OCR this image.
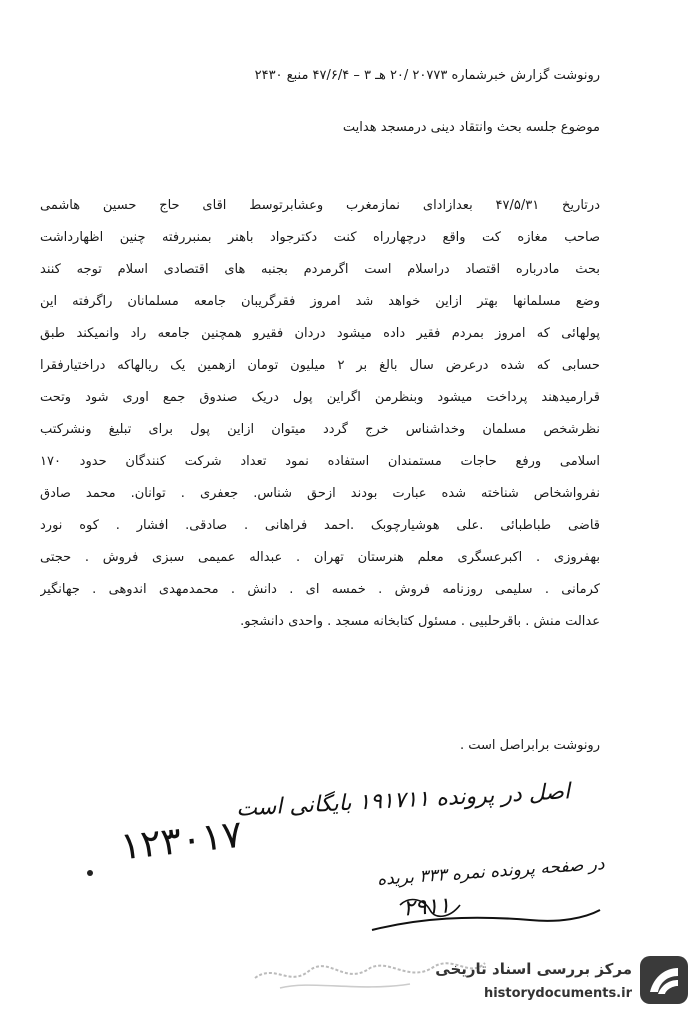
رونوشت گزارش خبرشماره ۲۰۷۷۳ /۲۰ هـ ۳ – ۴۷/۶/۴ منبع ۲۴۳۰
موضوع جلسه بحث وانتقاد دینی درمسجد هدایت
درتاریخ ۴۷/۵/۳۱ بعدازادای نمازمغرب وعشابرتوسط اقای حاج حسین هاشمی
صاحب مغازه کت واقع درچهارراه کنت دکترجواد باهنر بمنبررفته چنین اظهارداشت
بحث مادرباره اقتصاد دراسلام است اگرمردم بجنبه های اقتصادی اسلام توجه کنند
وضع مسلمانها بهتر ازاین خواهد شد امروز فقرگریبان جامعه مسلمانان راگرفته این
پولهائی که امروز بمردم فقیر داده میشود دردان فقیرو همچنین جامعه راد وانمیکند طبق
حسابی که شده درعرض سال بالغ بر ۲ میلیون تومان ازهمین یک ریالهاکه دراختیارفقرا
قرارمیدهند پرداخت میشود وبنظرمن اگراین پول دریک صندوق جمع اوری شود وتحت
نظرشخص مسلمان وخداشناس خرج گردد میتوان ازاین پول برای تبلیغ ونشرکتب
اسلامی ورفع حاجات مستمندان استفاده نمود تعداد شرکت کنندگان حدود ۱۷۰
نفرواشخاص شناخته شده عبارت بودند ازحق شناس. جعفری . توانان. محمد صادق
قاضی طباطبائی .علی هوشیارچوبک .احمد فراهانی . صادقی. افشار . کوه نورد
بهفروزی . اکبرعسگری معلم هنرستان تهران . عبداله عمیمی سبزی فروش . حجتی
کرمانی . سلیمی روزنامه فروش . خمسه ای . دانش . محمدمهدی اندوهی . جهانگیر
عدالت منش . باقرحلبیی . مسئول کتابخانه مسجد . واحدی دانشجو.
رونوشت برابراصل است .
اصل در پرونده ۱۹۱۷۱۱ بایگانی است
۱۲۳۰۱۷
در صفحه پرونده نمره ۳۳۳ بریده
۲۹۱۱
مرکز بررسی اسناد تاریخی
historydocuments.ir
